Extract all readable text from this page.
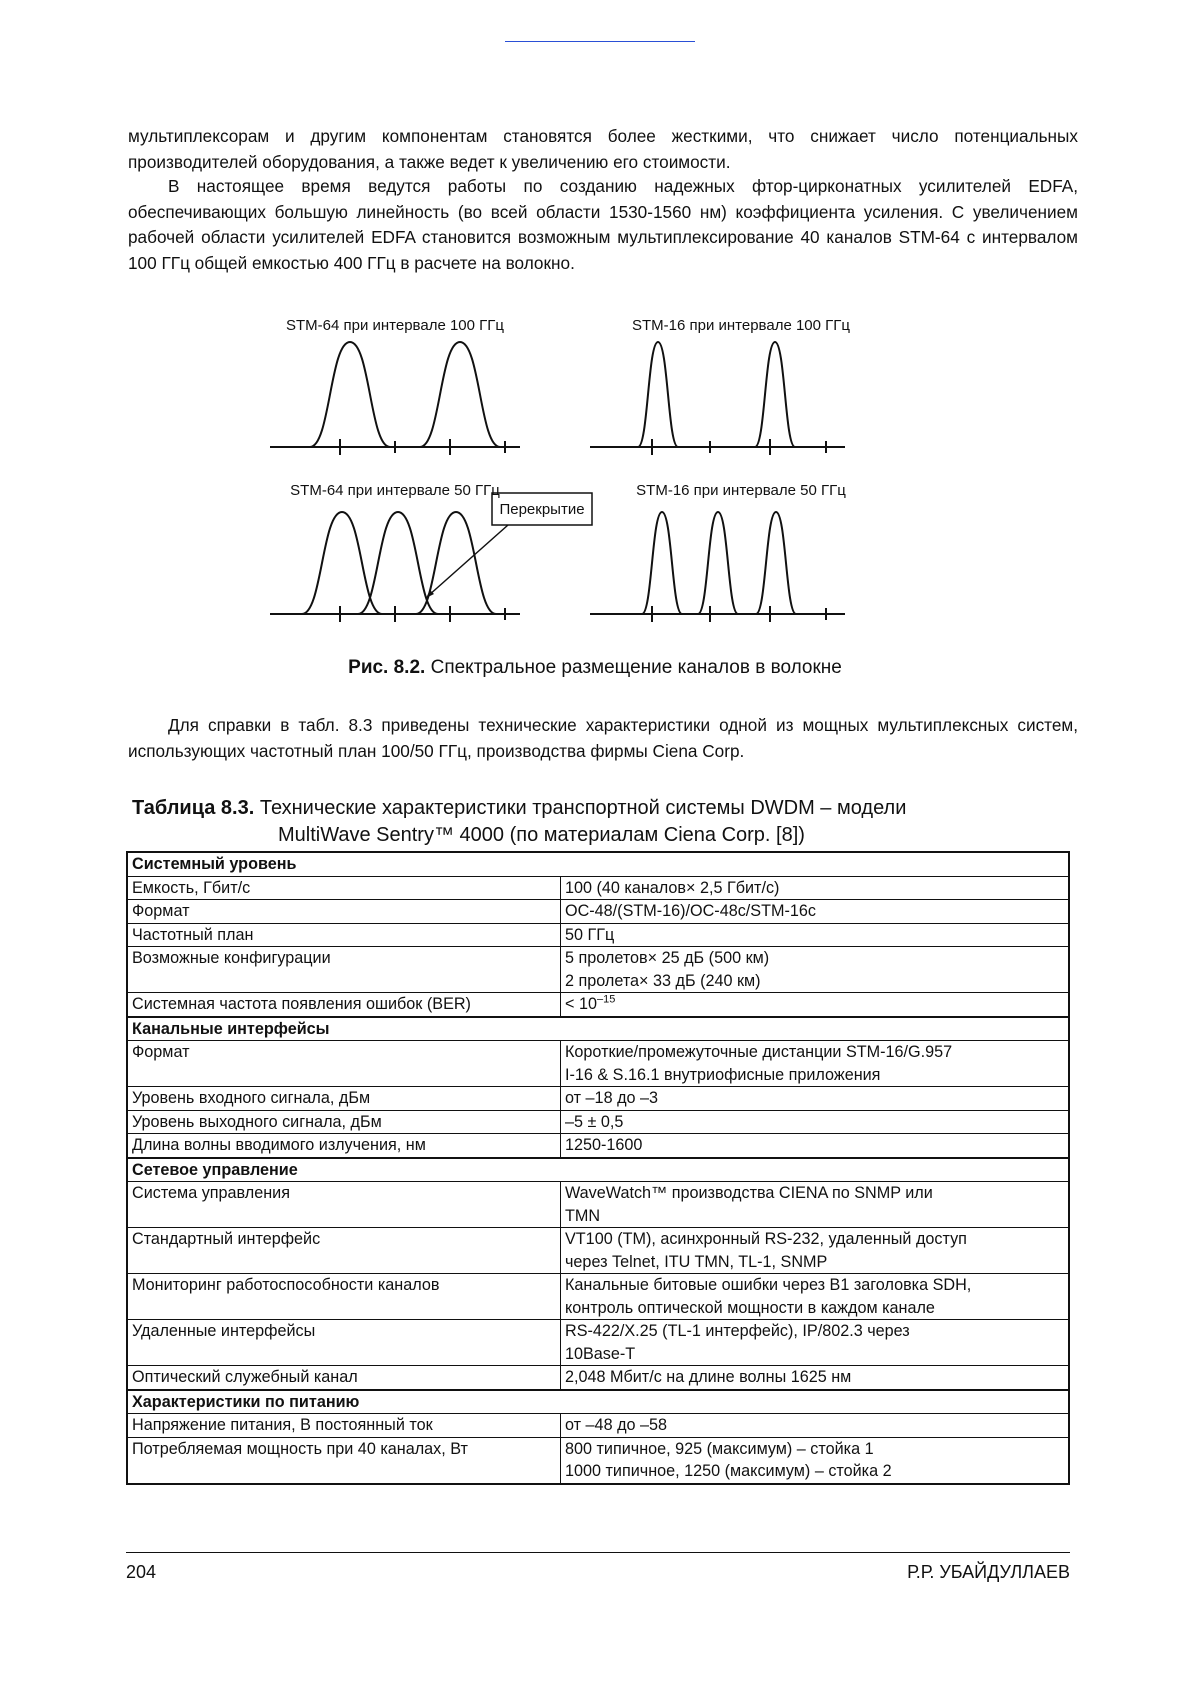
мультиплексорам и другим компонентам становятся более жесткими, что снижает число потенциальных производителей оборудования, а также ведет к увеличению его стоимости.

В настоящее время ведутся работы по созданию надежных фтор-цирконатных усилителей EDFA, обеспечивающих большую линейность (во всей области 1530-1560 нм) коэффициента усиления. С увеличением рабочей области усилителей EDFA становится возможным мультиплексирование 40 каналов STM-64 с интервалом 100 ГГц общей емкостью 400 ГГц в расчете на волокно.

STM-64 при интервале 100 ГГц	STM-16 при интервале 100 ГГц
STM-64 при интервале 50 ГГц	STM-16 при интервале 50 ГГц
Перекрытие
Рис. 8.2. Спектральное размещение каналов в волокне

Для справки в табл. 8.3 приведены технические характеристики одной из мощных мультиплексных систем, использующих частотный план 100/50 ГГц, производства фирмы Ciena Corp.

Таблица 8.3. Технические характеристики транспортной системы DWDM – модели
MultiWave Sentry™ 4000 (по материалам Ciena Corp. [8])
Системный уровень	
Емкость, Гбит/с	100 (40 каналов× 2,5 Гбит/с)
Формат	OC-48/(STM-16)/OC-48c/STM-16c
Частотный план	50 ГГц
Возможные конфигурации	5 пролетов× 25 дБ (500 км)
2 пролета× 33 дБ (240 км)
Системная частота появления ошибок (BER)	< $10^{-15}$
Канальные интерфейсы	
Формат	Короткие/промежуточные дистанции STM-16/G.957
I-16 & S.16.1 внутриофисные приложения
Уровень входного сигнала, дБм	от –18 до –3
Уровень выходного сигнала, дБм	–5 ± 0,5
Длина волны вводимого излучения, нм	1250-1600
Сетевое управление	
Система управления	WaveWatch™ производства CIENA по SNMP или
TMN
Стандартный интерфейс	VT100 (TM), асинхронный RS-232, удаленный доступ
через Telnet, ITU TMN, TL-1, SNMP
Мониторинг работоспособности каналов	Канальные битовые ошибки через B1 заголовка SDH,
контроль оптической мощности в каждом канале
Удаленные интерфейсы	RS-422/X.25 (TL-1 интерфейс), IP/802.3 через
10Base-T
Оптический служебный канал	2,048 Мбит/с на длине волны 1625 нм
Характеристики по питанию	
Напряжение питания, В постоянный ток	от –48 до –58
Потребляемая мощность при 40 каналах, Вт	800 типичное, 925 (максимум) – стойка 1
1000 типичное, 1250 (максимум) – стойка 2
204	Р.Р. УБАЙДУЛЛАЕВ
